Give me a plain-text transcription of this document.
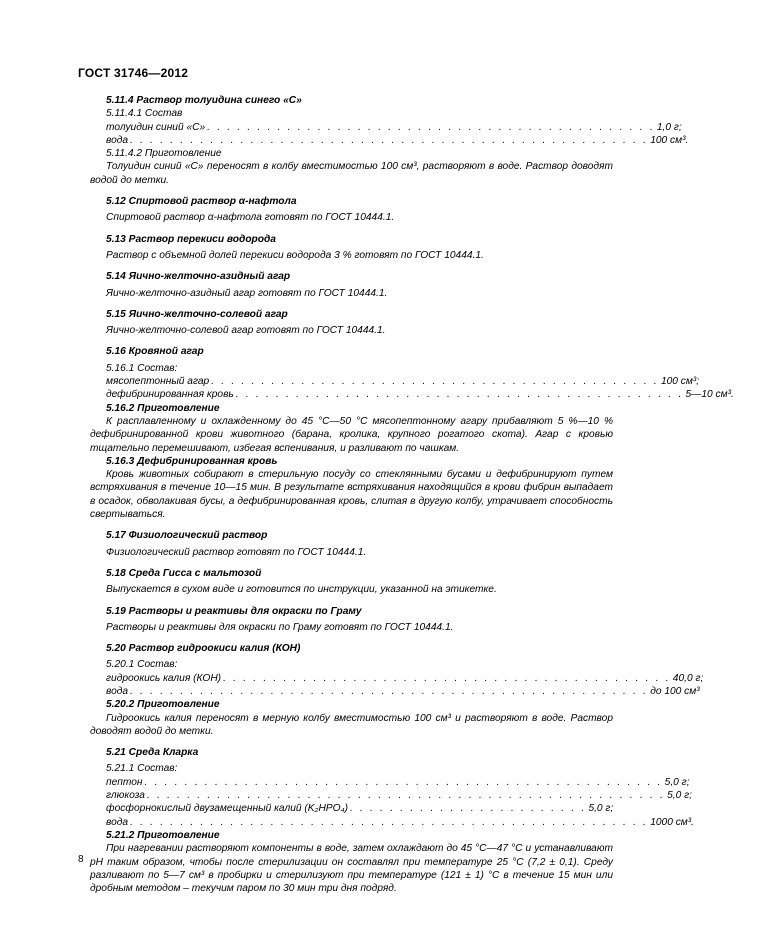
ГОСТ 31746—2012
5.11.4 Раствор толуидина синего «С»
5.11.4.1 Состав
толуидин синий «С» . . . . . . . . . . . . . . . . . . . . . . . . . . . . . . . . . . . . . . . . . . . . . 1,0 г;
вода . . . . . . . . . . . . . . . . . . . . . . . . . . . . . . . . . . . . . . . . . . . . . . . . . . . . 100 см³.
5.11.4.2 Приготовление
Толуидин синий «С» переносят в колбу вместимостью 100 см³, растворяют в воде. Раствор доводят водой до метки.
5.12 Спиртовой раствор α-нафтола
Спиртовой раствор α-нафтола готовят по ГОСТ 10444.1.
5.13 Раствор перекиси водорода
Раствор с объемной долей перекиси водорода 3 % готовят по ГОСТ 10444.1.
5.14 Яично-желточно-азидный агар
Яично-желточно-азидный агар готовят по ГОСТ 10444.1.
5.15 Яично-желточно-солевой агар
Яично-желточно-солевой агар готовят по ГОСТ 10444.1.
5.16 Кровяной агар
5.16.1 Состав:
мясопептонный агар . . . . . . . . . . . . . . . . . . . . . . . . . . . . . . . . . . . . . . . . . . . . . 100 см³;
дефибринированная кровь . . . . . . . . . . . . . . . . . . . . . . . . . . . . . . . . . . . . . . . . . . . . . 5—10 см³.
5.16.2 Приготовление
К расплавленному и охлажденному до 45 °С—50 °С мясопептонному агару прибавляют 5 %—10 % дефибринированной крови животного (барана, кролика, крупного рогатого скота). Агар с кровью тщательно перемешивают, избегая вспенивания, и разливают по чашкам.
5.16.3 Дефибринированная кровь
Кровь животных собирают в стерильную посуду со стеклянными бусами и дефибринируют путем встряхивания в течение 10—15 мин. В результате встряхивания находящийся в крови фибрин выпадает в осадок, обволакивая бусы, а дефибринированная кровь, слитая в другую колбу, утрачивает способность свертываться.
5.17 Физиологический раствор
Физиологический раствор готовят по ГОСТ 10444.1.
5.18 Среда Гисса с мальтозой
Выпускается в сухом виде и готовится по инструкции, указанной на этикетке.
5.19 Растворы и реактивы для окраски по Граму
Растворы и реактивы для окраски по Граму готовят по ГОСТ 10444.1.
5.20 Раствор гидроокиси калия (КОН)
5.20.1 Состав:
гидроокись калия (КОН) . . . . . . . . . . . . . . . . . . . . . . . . . . . . . . . . . . . . . . . . . . . . . 40,0 г;
вода . . . . . . . . . . . . . . . . . . . . . . . . . . . . . . . . . . . . . . . . . . . . . . . . . . . . до 100 см³
5.20.2 Приготовление
Гидроокись калия переносят в мерную колбу вместимостью 100 см³ и растворяют в воде. Раствор доводят водой до метки.
5.21 Среда Кларка
5.21.1 Состав:
пептон . . . . . . . . . . . . . . . . . . . . . . . . . . . . . . . . . . . . . . . . . . . . . . . . . . . . 5,0 г;
глюкоза . . . . . . . . . . . . . . . . . . . . . . . . . . . . . . . . . . . . . . . . . . . . . . . . . . . . 5,0 г;
фосфорнокислый двузамещенный калий (K₂HPO₄) . . . . . . . . . . . . . . . . . . . . . . . . 5,0 г;
вода . . . . . . . . . . . . . . . . . . . . . . . . . . . . . . . . . . . . . . . . . . . . . . . . . . . . 1000 см³.
5.21.2 Приготовление
При нагревании растворяют компоненты в воде, затем охлаждают до 45 °С—47 °С и устанавливают рН таким образом, чтобы после стерилизации он составлял при температуре 25 °С (7,2 ± 0,1). Среду разливают по 5—7 см³ в пробирки и стерилизуют при температуре (121 ± 1) °С в течение 15 мин или дробным методом – текучим паром по 30 мин три дня подряд.
8
